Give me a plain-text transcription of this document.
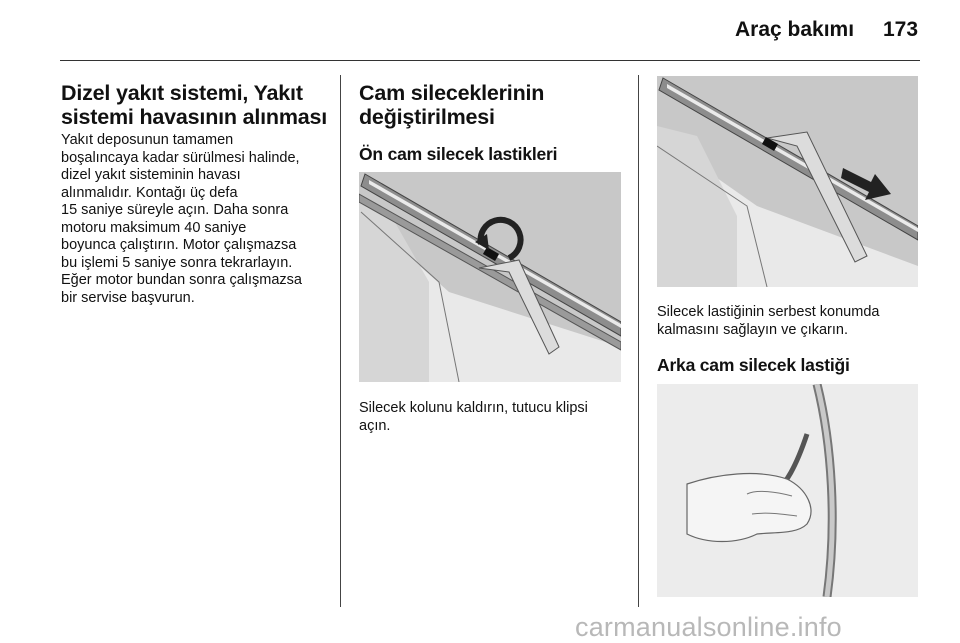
Araç bakımı 173
Dizel yakıt sistemi, Yakıt
sistemi havasının alınması
Yakıt deposunun tamamen
boşalıncaya kadar sürülmesi halinde,
dizel yakıt sisteminin havası
alınmalıdır. Kontağı üç defa
15 saniye süreyle açın. Daha sonra
motoru maksimum 40 saniye
boyunca çalıştırın. Motor çalışmazsa
bu işlemi 5 saniye sonra tekrarlayın.
Eğer motor bundan sonra çalışmazsa
bir servise başvurun.
Cam sileceklerinin
değiştirilmesi
Ön cam silecek lastikleri
Silecek kolunu kaldırın, tutucu klipsi
açın.
Silecek lastiğinin serbest konumda
kalmasını sağlayın ve çıkarın.
Arka cam silecek lastiği
carmanualsonline.info
